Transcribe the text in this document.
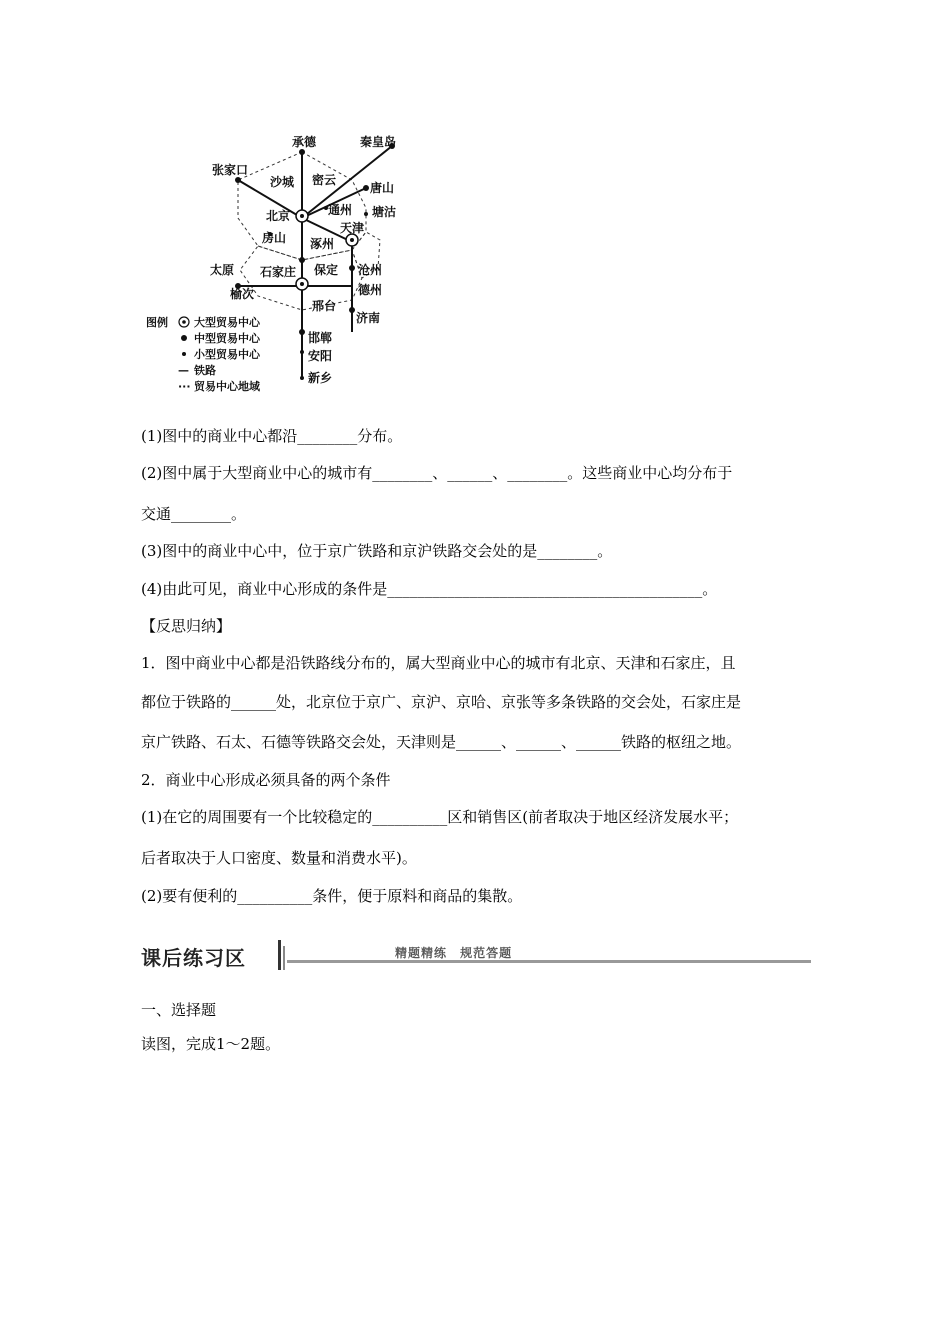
承德	秦皇岛
张家口
沙城 密云
唐山
北京	通州 塘沽
天津
房山 涿州
太原 石家庄 保定 沧州
榆次	德州
邢台
济南
邯郸
安阳
新乡
图例 大型贸易中心
中型贸易中心
小型贸易中心
— 铁路
··· 贸易中心地域
(1)图中的商业中心都沿________分布。
(2)图中属于大型商业中心的城市有________、______、________。这些商业中心均分布于
交通________。
(3)图中的商业中心中，位于京广铁路和京沪铁路交会处的是________。
(4)由此可见，商业中心形成的条件是__________________________________________。
【反思归纳】
1．图中商业中心都是沿铁路线分布的，属大型商业中心的城市有北京、天津和石家庄，且
都位于铁路的______处，北京位于京广、京沪、京哈、京张等多条铁路的交会处，石家庄是
京广铁路、石太、石德等铁路交会处，天津则是______、______、______铁路的枢纽之地。
2．商业中心形成必须具备的两个条件
(1)在它的周围要有一个比较稳定的__________区和销售区(前者取决于地区经济发展水平；
后者取决于人口密度、数量和消费水平)。
(2)要有便利的__________条件，便于原料和商品的集散。
课后练习区	精题精练 规范答题
一、选择题
读图，完成1～2题。
